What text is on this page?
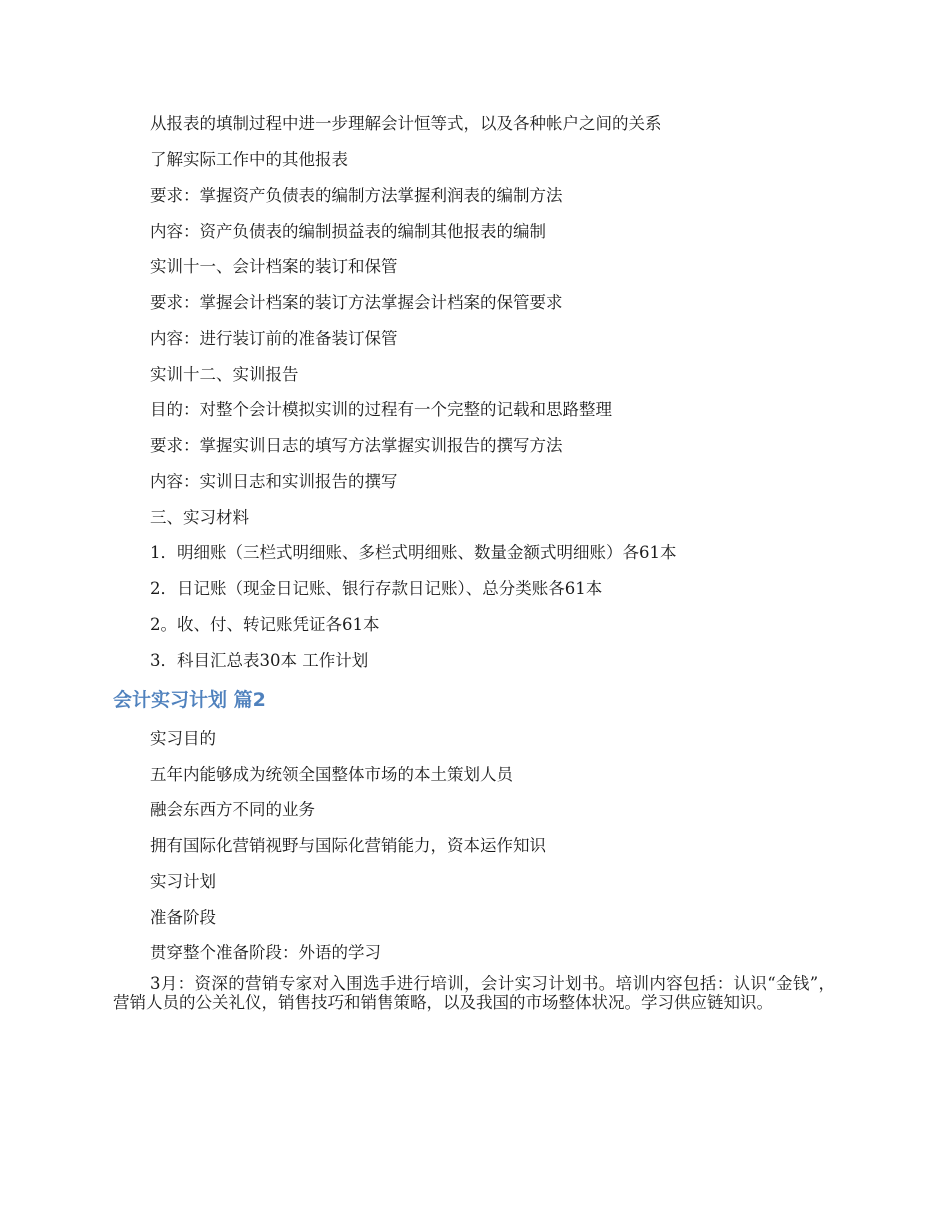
从报表的填制过程中进一步理解会计恒等式，以及各种帐户之间的关系
了解实际工作中的其他报表
要求：掌握资产负债表的编制方法掌握利润表的编制方法
内容：资产负债表的编制损益表的编制其他报表的编制
实训十一、会计档案的装订和保管
要求：掌握会计档案的装订方法掌握会计档案的保管要求
内容：进行装订前的准备装订保管
实训十二、实训报告
目的：对整个会计模拟实训的过程有一个完整的记载和思路整理
要求：掌握实训日志的填写方法掌握实训报告的撰写方法
内容：实训日志和实训报告的撰写
三、实习材料
1．明细账（三栏式明细账、多栏式明细账、数量金额式明细账）各61本
2．日记账（现金日记账、银行存款日记账）、总分类账各61本
2。收、付、转记账凭证各61本
3．科目汇总表30本 工作计划
会计实习计划 篇2
实习目的
五年内能够成为统领全国整体市场的本土策划人员
融会东西方不同的业务
拥有国际化营销视野与国际化营销能力，资本运作知识
实习计划
准备阶段
贯穿整个准备阶段：外语的学习
3月：资深的营销专家对入围选手进行培训，会计实习计划书。培训内容包括：认识“金钱”，营销人员的公关礼仪，销售技巧和销售策略，以及我国的市场整体状况。学习供应链知识。
